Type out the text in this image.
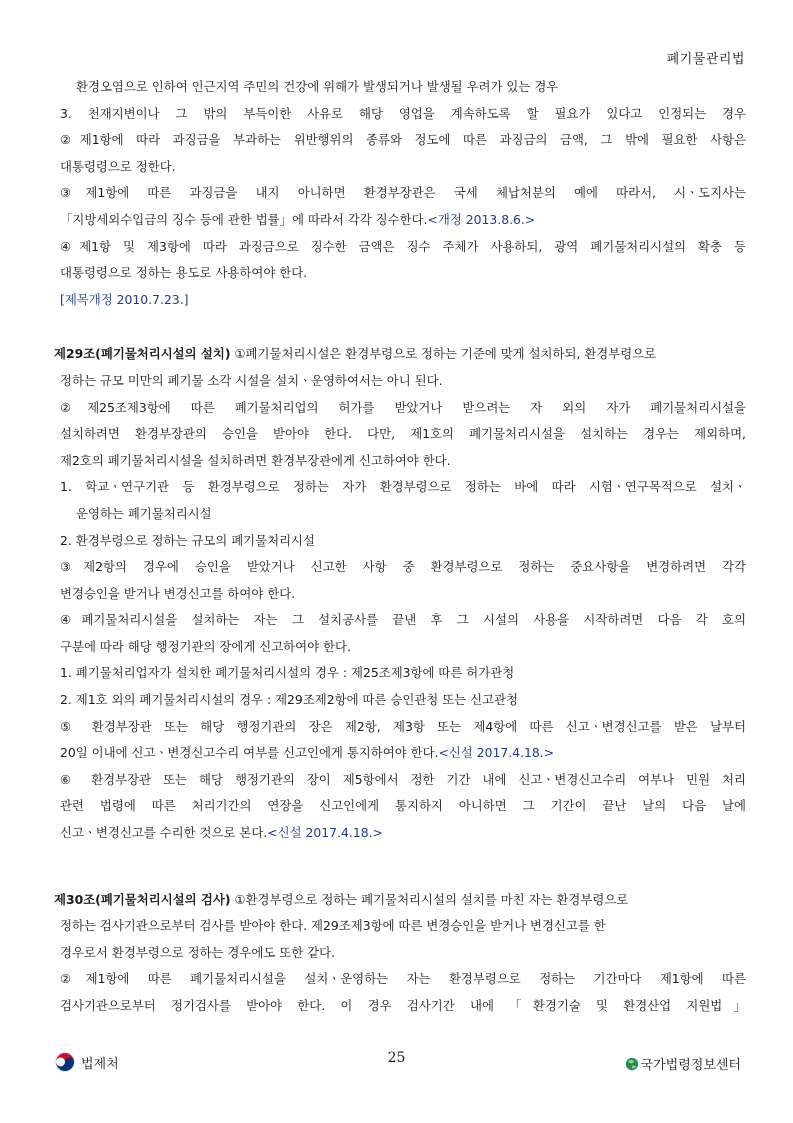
폐기물관리법
환경오염으로 인하여 인근지역 주민의 건강에 위해가 발생되거나 발생될 우려가 있는 경우
3. 천재지변이나 그 밖의 부득이한 사유로 해당 영업을 계속하도록 할 필요가 있다고 인정되는 경우
②제1항에 따라 과징금을 부과하는 위반행위의 종류와 정도에 따른 과징금의 금액, 그 밖에 필요한 사항은
대통령령으로 정한다.
③제1항에 따른 과징금을 내지 아니하면 환경부장관은 국세 체납처분의 예에 따라서, 시ㆍ도지사는
「지방세외수입금의 징수 등에 관한 법률」에 따라서 각각 징수한다.<개정 2013.8.6.>
④제1항 및 제3항에 따라 과징금으로 징수한 금액은 징수 주체가 사용하되, 광역 폐기물처리시설의 확충 등
대통령령으로 정하는 용도로 사용하여야 한다.
[제목개정 2010.7.23.]
제29조(폐기물처리시설의 설치) ①폐기물처리시설은 환경부령으로 정하는 기준에 맞게 설치하되, 환경부령으로
정하는 규모 미만의 폐기물 소각 시설을 설치ㆍ운영하여서는 아니 된다.
②제25조제3항에 따른 폐기물처리업의 허가를 받았거나 받으려는 자 외의 자가 폐기물처리시설을
설치하려면 환경부장관의 승인을 받아야 한다. 다만, 제1호의 폐기물처리시설을 설치하는 경우는 제외하며,
제2호의 폐기물처리시설을 설치하려면 환경부장관에게 신고하여야 한다.
1. 학교ㆍ연구기관 등 환경부령으로 정하는 자가 환경부령으로 정하는 바에 따라 시험ㆍ연구목적으로 설치ㆍ
운영하는 폐기물처리시설
2. 환경부령으로 정하는 규모의 폐기물처리시설
③제2항의 경우에 승인을 받았거나 신고한 사항 중 환경부령으로 정하는 중요사항을 변경하려면 각각
변경승인을 받거나 변경신고를 하여야 한다.
④폐기물처리시설을 설치하는 자는 그 설치공사를 끝낸 후 그 시설의 사용을 시작하려면 다음 각 호의
구분에 따라 해당 행정기관의 장에게 신고하여야 한다.
1. 폐기물처리업자가 설치한 폐기물처리시설의 경우 : 제25조제3항에 따른 허가관청
2. 제1호 외의 폐기물처리시설의 경우 : 제29조제2항에 따른 승인관청 또는 신고관청
⑤ 환경부장관 또는 해당 행정기관의 장은 제2항, 제3항 또는 제4항에 따른 신고ㆍ변경신고를 받은 날부터
20일 이내에 신고ㆍ변경신고수리 여부를 신고인에게 통지하여야 한다.<신설 2017.4.18.>
⑥ 환경부장관 또는 해당 행정기관의 장이 제5항에서 정한 기간 내에 신고ㆍ변경신고수리 여부나 민원 처리
관련 법령에 따른 처리기간의 연장을 신고인에게 통지하지 아니하면 그 기간이 끝난 날의 다음 날에
신고ㆍ변경신고를 수리한 것으로 본다.<신설 2017.4.18.>
제30조(폐기물처리시설의 검사) ①환경부령으로 정하는 폐기물처리시설의 설치를 마친 자는 환경부령으로
정하는 검사기관으로부터 검사를 받아야 한다. 제29조제3항에 따른 변경승인을 받거나 변경신고를 한
경우로서 환경부령으로 정하는 경우에도 또한 같다.
②제1항에 따른 폐기물처리시설을 설치ㆍ운영하는 자는 환경부령으로 정하는 기간마다 제1항에 따른
검사기관으로부터 정기검사를 받아야 한다. 이 경우 검사기간 내에 「환경기술 및 환경산업 지원법」
법제처	25	국가법령정보센터
